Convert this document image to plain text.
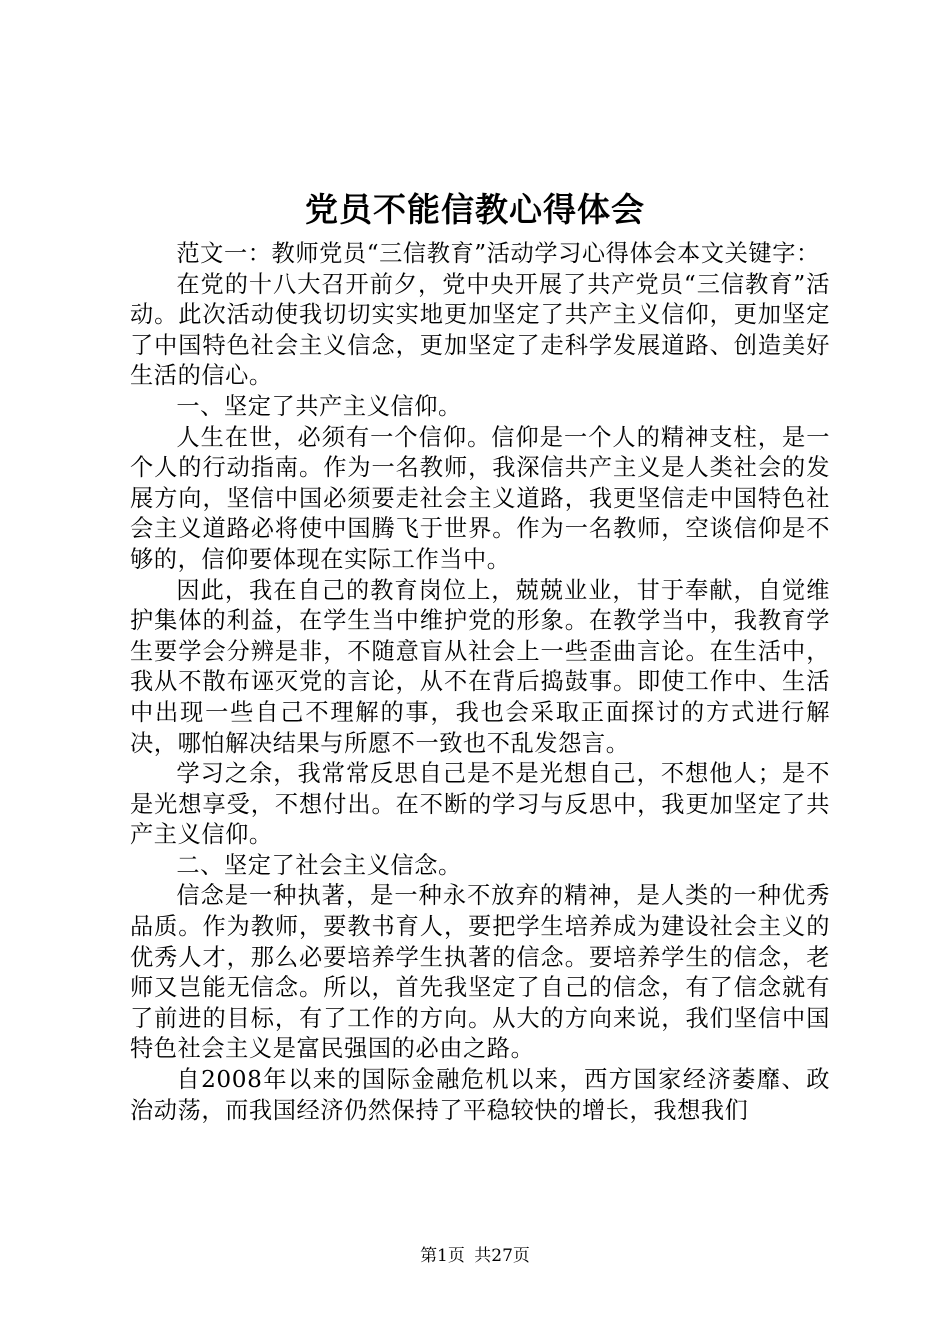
党员不能信教心得体会

范文一：教师党员“三信教育”活动学习心得体会本文关键字：

在党的十八大召开前夕，党中央开展了共产党员“三信教育”活动。此次活动使我切切实实地更加坚定了共产主义信仰，更加坚定了中国特色社会主义信念，更加坚定了走科学发展道路、创造美好生活的信心。

一、坚定了共产主义信仰。

人生在世，必须有一个信仰。信仰是一个人的精神支柱，是一个人的行动指南。作为一名教师，我深信共产主义是人类社会的发展方向，坚信中国必须要走社会主义道路，我更坚信走中国特色社会主义道路必将使中国腾飞于世界。作为一名教师，空谈信仰是不够的，信仰要体现在实际工作当中。

因此，我在自己的教育岗位上，兢兢业业，甘于奉献，自觉维护集体的利益，在学生当中维护党的形象。在教学当中，我教育学生要学会分辨是非，不随意盲从社会上一些歪曲言论。在生活中，我从不散布诬灭党的言论，从不在背后捣鼓事。即使工作中、生活中出现一些自己不理解的事，我也会采取正面探讨的方式进行解决，哪怕解决结果与所愿不一致也不乱发怨言。

学习之余，我常常反思自己是不是光想自己，不想他人；是不是光想享受，不想付出。在不断的学习与反思中，我更加坚定了共产主义信仰。

二、坚定了社会主义信念。

信念是一种执著，是一种永不放弃的精神，是人类的一种优秀品质。作为教师，要教书育人，要把学生培养成为建设社会主义的优秀人才，那么必要培养学生执著的信念。要培养学生的信念，老师又岂能无信念。所以，首先我坚定了自己的信念，有了信念就有了前进的目标，有了工作的方向。从大的方向来说，我们坚信中国特色社会主义是富民强国的必由之路。

自2008年以来的国际金融危机以来，西方国家经济萎靡、政治动荡，而我国经济仍然保持了平稳较快的增长，我想我们

第1页 共27页
